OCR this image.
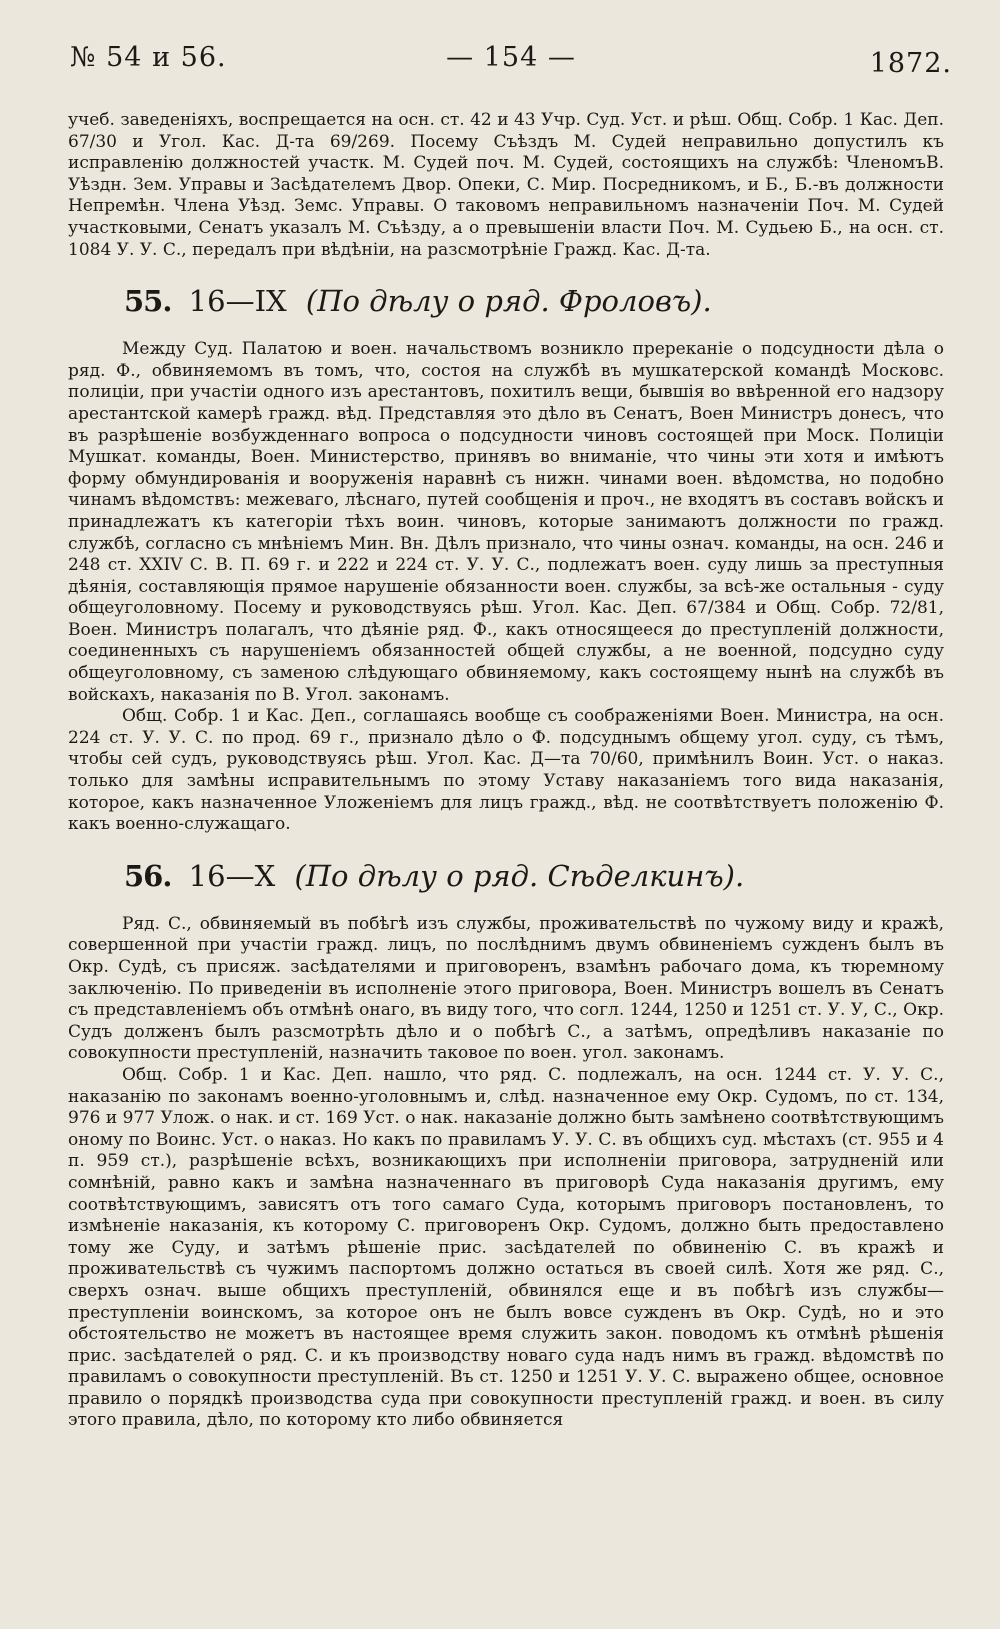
№ 54 и 56.	— 154 —	1872.

учеб. заведеніяхъ, воспрещается на осн. ст. 42 и 43 Учр. Суд. Уст. и рѣш. Общ. Собр. 1 Кас. Деп. 67/30 и Угол. Кас. Д-та 69/269. Посему Съѣздъ М. Судей неправильно допустилъ къ исправленію должностей участк. М. Судей поч. М. Судей, состоящихъ на службѣ: ЧленомъВ. Уѣздн. Зем. Управы и Засѣдателемъ Двор. Опеки, С. Мир. Посредникомъ, и Б., Б.-въ должности Непремѣн. Члена Уѣзд. Земс. Управы. О таковомъ неправильномъ назначеніи Поч. М. Судей участковыми, Сенатъ указалъ М. Съѣзду, а о превышеніи власти Поч. М. Судьею Б., на осн. ст. 1084 У. У. С., передалъ при вѣдѣніи, на разсмотрѣніе Гражд. Кас. Д-та.

55. 16—IX (По дѣлу о ряд. Фроловъ).

Между Суд. Палатою и воен. начальствомъ возникло пререканіе о подсудности дѣла о ряд. Ф., обвиняемомъ въ томъ, что, состоя на службѣ въ мушкатерской командѣ Московс. полиціи, при участіи одного изъ арестантовъ, похитилъ вещи, бывшія во ввѣренной его надзору арестантской камерѣ гражд. вѣд. Представляя это дѣло въ Сенатъ, Воен Министръ донесъ, что въ разрѣшеніе возбужденнаго вопроса о подсудности чиновъ состоящей при Моск. Полиціи Мушкат. команды, Воен. Министерство, принявъ во вниманіе, что чины эти хотя и имѣютъ форму обмундированія и вооруженія наравнѣ съ нижн. чинами воен. вѣдомства, но подобно чинамъ вѣдомствъ: межеваго, лѣснаго, путей сообщенія и проч., не входятъ въ составъ войскъ и принадлежатъ къ категоріи тѣхъ воин. чиновъ, которые занимаютъ должности по гражд. службѣ, согласно съ мнѣніемъ Мин. Вн. Дѣлъ признало, что чины означ. команды, на осн. 246 и 248 ст. XXIV С. В. П. 69 г. и 222 и 224 ст. У. У. С., подлежатъ воен. суду лишь за преступныя дѣянія, составляющія прямое нарушеніе обязанности воен. службы, за всѣ-же остальныя - суду общеуголовному. Посему и руководствуясь рѣш. Угол. Кас. Деп. 67/384 и Общ. Собр. 72/81, Воен. Министръ полагалъ, что дѣяніе ряд. Ф., какъ относящееся до преступленій должности, соединенныхъ съ нарушеніемъ обязанностей общей службы, а не военной, подсудно суду общеуголовному, съ заменою слѣдующаго обвиняемому, какъ состоящему нынѣ на службѣ въ войскахъ, наказанія по В. Угол. законамъ.

Общ. Собр. 1 и Кас. Деп., соглашаясь вообще съ соображеніями Воен. Министра, на осн. 224 ст. У. У. С. по прод. 69 г., признало дѣло о Ф. подсуднымъ общему угол. суду, съ тѣмъ, чтобы сей судъ, руководствуясь рѣш. Угол. Кас. Д—та 70/60, примѣнилъ Воин. Уст. о наказ. только для замѣны исправительнымъ по этому Уставу наказаніемъ того вида наказанія, которое, какъ назначенное Уложеніемъ для лицъ гражд., вѣд. не соотвѣтствуетъ положенію Ф. какъ военно-служащаго.

56. 16—X (По дѣлу о ряд. Сѣделкинъ).

Ряд. С., обвиняемый въ побѣгѣ изъ службы, проживательствѣ по чужому виду и кражѣ, совершенной при участіи гражд. лицъ, по послѣднимъ двумъ обвиненіемъ сужденъ былъ въ Окр. Судѣ, съ присяж. засѣдателями и приговоренъ, взамѣнъ рабочаго дома, къ тюремному заключенію. По приведеніи въ исполненіе этого приговора, Воен. Министръ вошелъ въ Сенатъ съ представленіемъ объ отмѣнѣ онаго, въ виду того, что согл. 1244, 1250 и 1251 ст. У. У, С., Окр. Судъ долженъ былъ разсмотрѣть дѣло и о побѣгѣ С., а затѣмъ, опредѣливъ наказаніе по совокупности преступленій, назначить таковое по воен. угол. законамъ.

Общ. Собр. 1 и Кас. Деп. нашло, что ряд. С. подлежалъ, на осн. 1244 ст. У. У. С., наказанію по законамъ военно-уголовнымъ и, слѣд. назначенное ему Окр. Судомъ, по ст. 134, 976 и 977 Улож. о нак. и ст. 169 Уст. о нак. наказаніе должно быть замѣнено соотвѣтствующимъ оному по Воинс. Уст. о наказ. Но какъ по правиламъ У. У. С. въ общихъ суд. мѣстахъ (ст. 955 и 4 п. 959 ст.), разрѣшеніе всѣхъ, возникающихъ при исполненіи приговора, затрудненій или сомнѣній, равно какъ и замѣна назначеннаго въ приговорѣ Суда наказанія другимъ, ему соотвѣтствующимъ, зависятъ отъ того самаго Суда, которымъ приговоръ постановленъ, то измѣненіе наказанія, къ которому С. приговоренъ Окр. Судомъ, должно быть предоставлено тому же Суду, и затѣмъ рѣшеніе прис. засѣдателей по обвиненію С. въ кражѣ и проживательствѣ съ чужимъ паспортомъ должно остаться въ своей силѣ. Хотя же ряд. С., сверхъ означ. выше общихъ преступленій, обвинялся еще и въ побѣгѣ изъ службы—преступленіи воинскомъ, за которое онъ не былъ вовсе сужденъ въ Окр. Судѣ, но и это обстоятельство не можетъ въ настоящее время служить закон. поводомъ къ отмѣнѣ рѣшенія прис. засѣдателей о ряд. С. и къ производству новаго суда надъ нимъ въ гражд. вѣдомствѣ по правиламъ о совокупности преступленій. Въ ст. 1250 и 1251 У. У. С. выражено общее, основное правило о порядкѣ производства суда при совокупности преступленій гражд. и воен. въ силу этого правила, дѣло, по которому кто либо обвиняется
